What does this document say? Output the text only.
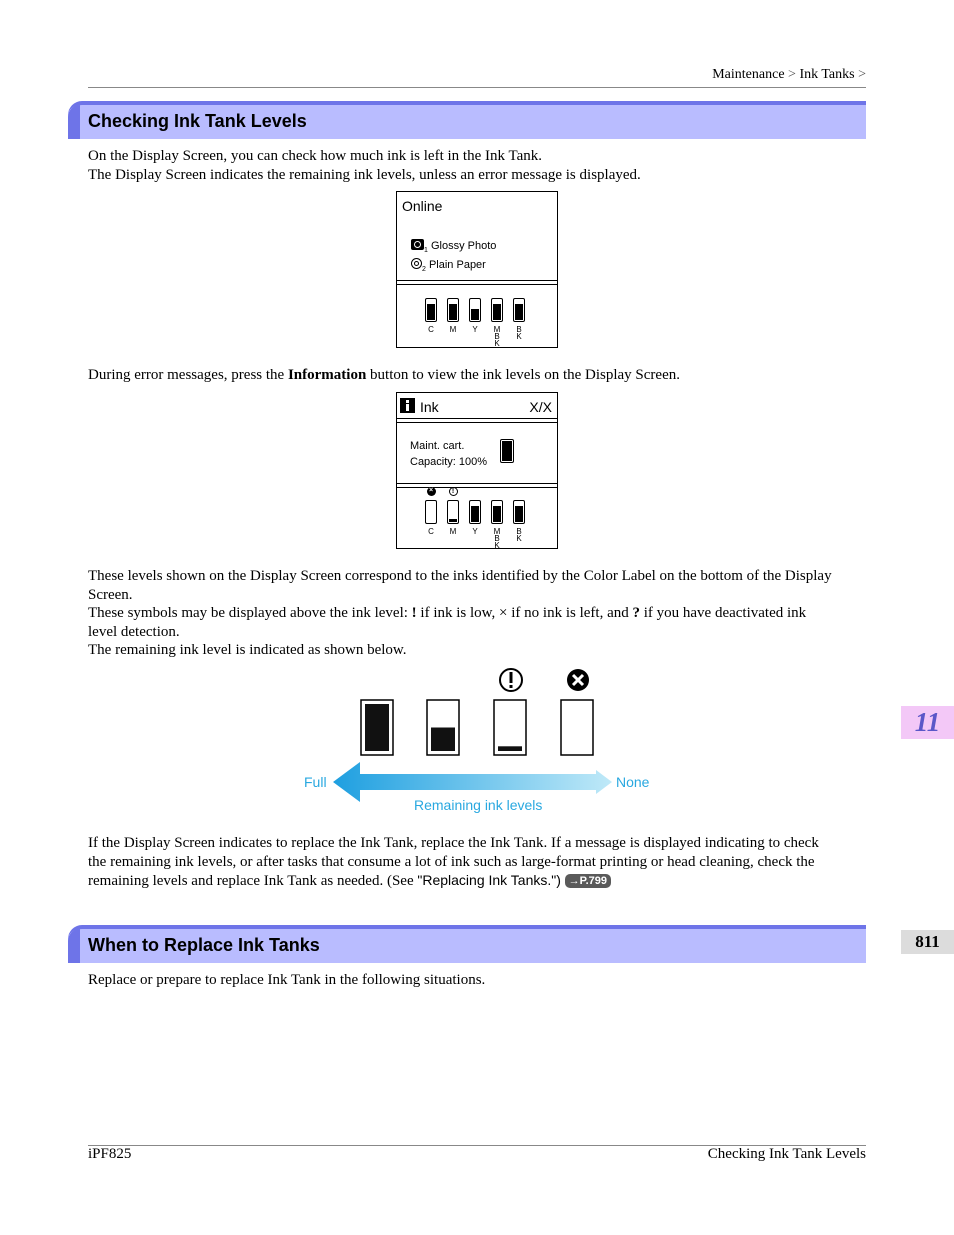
Maintenance > Ink Tanks >
Checking Ink Tank Levels

On the Display Screen, you can check how much ink is left in the Ink Tank.
The Display Screen indicates the remaining ink levels, unless an error message is displayed.

Online
$_1$ Glossy Photo
$_2$ Plain Paper
C	M	Y	M
B
K
B
K

During error messages, press the Information button to view the ink levels on the Display Screen.

Ink	X/X
Maint. cart.
Capacity: 100%
C
×
M
!
Y	M
B
K
B
K

These levels shown on the Display Screen correspond to the inks identified by the Color Label on the bottom of the Display
Screen.
These symbols may be displayed above the ink level: ! if ink is low, × if no ink is left, and ? if you have deactivated ink
level detection.
The remaining ink level is indicated as shown below.

Full	None
Remaining ink levels

If the Display Screen indicates to replace the Ink Tank, replace the Ink Tank. If a message is displayed indicating to check
the remaining ink levels, or after tasks that consume a lot of ink such as large-format printing or head cleaning, check the
remaining levels and replace Ink Tank as needed. (See "Replacing Ink Tanks.") →P.799

When to Replace Ink Tanks

Replace or prepare to replace Ink Tank in the following situations.

11
811
iPF825	Checking Ink Tank Levels
